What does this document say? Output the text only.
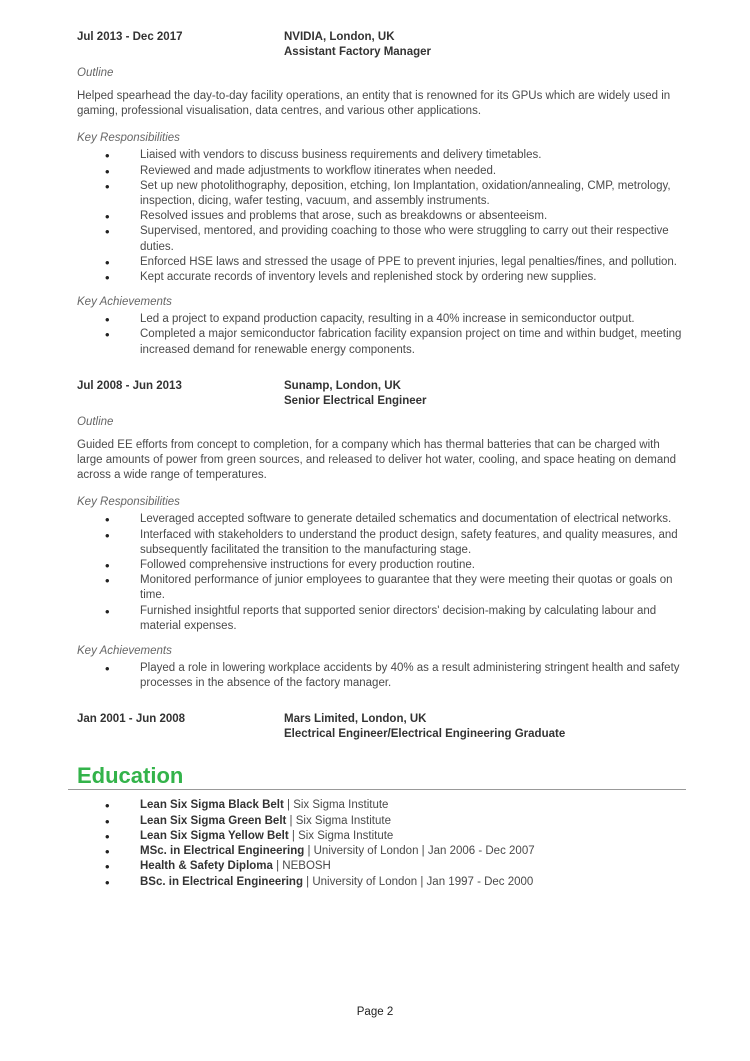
Jul 2013 - Dec 2017	NVIDIA, London, UK
Assistant Factory Manager
Outline
Helped spearhead the day-to-day facility operations, an entity that is renowned for its GPUs which are widely used in gaming, professional visualisation, data centres, and various other applications.
Key Responsibilities
•	Liaised with vendors to discuss business requirements and delivery timetables.
•	Reviewed and made adjustments to workflow itinerates when needed.
•	Set up new photolithography, deposition, etching, Ion Implantation, oxidation/annealing, CMP, metrology, inspection, dicing, wafer testing, vacuum, and assembly instruments.
•	Resolved issues and problems that arose, such as breakdowns or absenteeism.
•	Supervised, mentored, and providing coaching to those who were struggling to carry out their respective duties.
•	Enforced HSE laws and stressed the usage of PPE to prevent injuries, legal penalties/fines, and pollution.
•	Kept accurate records of inventory levels and replenished stock by ordering new supplies.
Key Achievements
•	Led a project to expand production capacity, resulting in a 40% increase in semiconductor output.
•	Completed a major semiconductor fabrication facility expansion project on time and within budget, meeting increased demand for renewable energy components.
Jul 2008 - Jun 2013	Sunamp, London, UK
Senior Electrical Engineer
Outline
Guided EE efforts from concept to completion, for a company which has thermal batteries that can be charged with large amounts of power from green sources, and released to deliver hot water, cooling, and space heating on demand across a wide range of temperatures.
Key Responsibilities
•	Leveraged accepted software to generate detailed schematics and documentation of electrical networks.
•	Interfaced with stakeholders to understand the product design, safety features, and quality measures, and subsequently facilitated the transition to the manufacturing stage.
•	Followed comprehensive instructions for every production routine.
•	Monitored performance of junior employees to guarantee that they were meeting their quotas or goals on time.
•	Furnished insightful reports that supported senior directors' decision-making by calculating labour and material expenses.
Key Achievements
•	Played a role in lowering workplace accidents by 40% as a result administering stringent health and safety processes in the absence of the factory manager.
Jan 2001 - Jun 2008	Mars Limited, London, UK
Electrical Engineer/Electrical Engineering Graduate
Education
•	Lean Six Sigma Black Belt | Six Sigma Institute
•	Lean Six Sigma Green Belt | Six Sigma Institute
•	Lean Six Sigma Yellow Belt | Six Sigma Institute
•	MSc. in Electrical Engineering | University of London | Jan 2006 - Dec 2007
•	Health & Safety Diploma | NEBOSH
•	BSc. in Electrical Engineering | University of London | Jan 1997 - Dec 2000
Page 2
